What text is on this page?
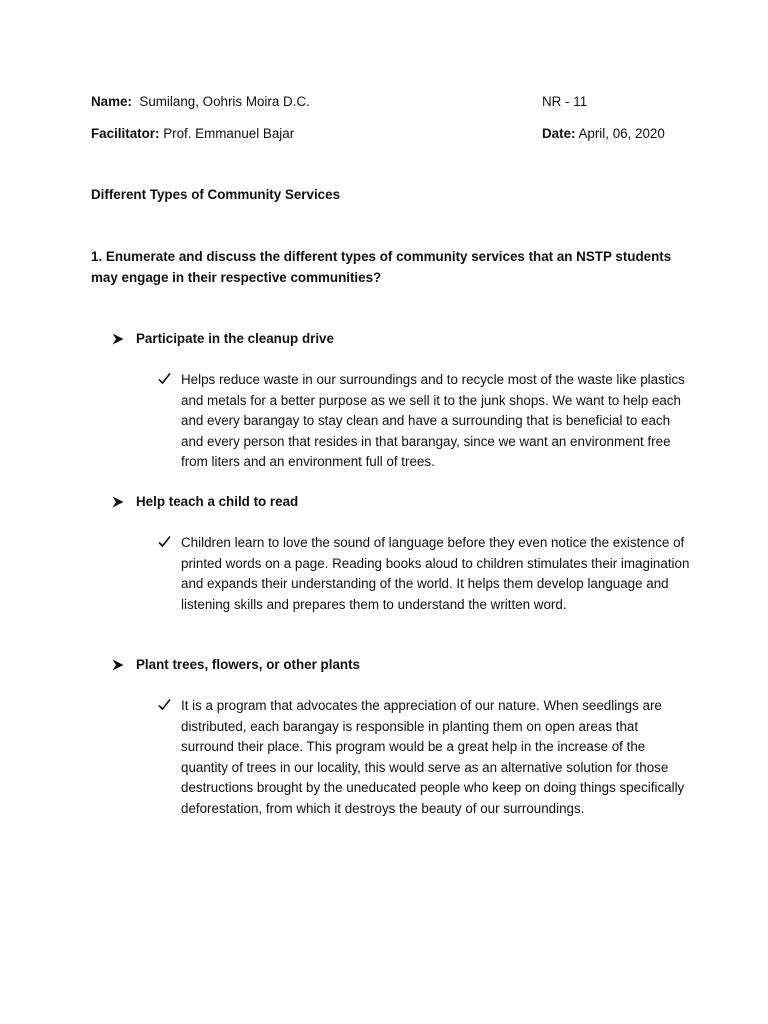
Name: Sumilang, Oohris Moira D.C.	NR - 11
Facilitator: Prof. Emmanuel Bajar	Date: April, 06, 2020
Different Types of Community Services
1. Enumerate and discuss the different types of community services that an NSTP students may engage in their respective communities?
Participate in the cleanup drive
Helps reduce waste in our surroundings and to recycle most of the waste like plastics and metals for a better purpose as we sell it to the junk shops. We want to help each and every barangay to stay clean and have a surrounding that is beneficial to each and every person that resides in that barangay, since we want an environment free from liters and an environment full of trees.
Help teach a child to read
Children learn to love the sound of language before they even notice the existence of printed words on a page. Reading books aloud to children stimulates their imagination and expands their understanding of the world. It helps them develop language and listening skills and prepares them to understand the written word.
Plant trees, flowers, or other plants
It is a program that advocates the appreciation of our nature. When seedlings are distributed, each barangay is responsible in planting them on open areas that surround their place. This program would be a great help in the increase of the quantity of trees in our locality, this would serve as an alternative solution for those destructions brought by the uneducated people who keep on doing things specifically deforestation, from which it destroys the beauty of our surroundings.
